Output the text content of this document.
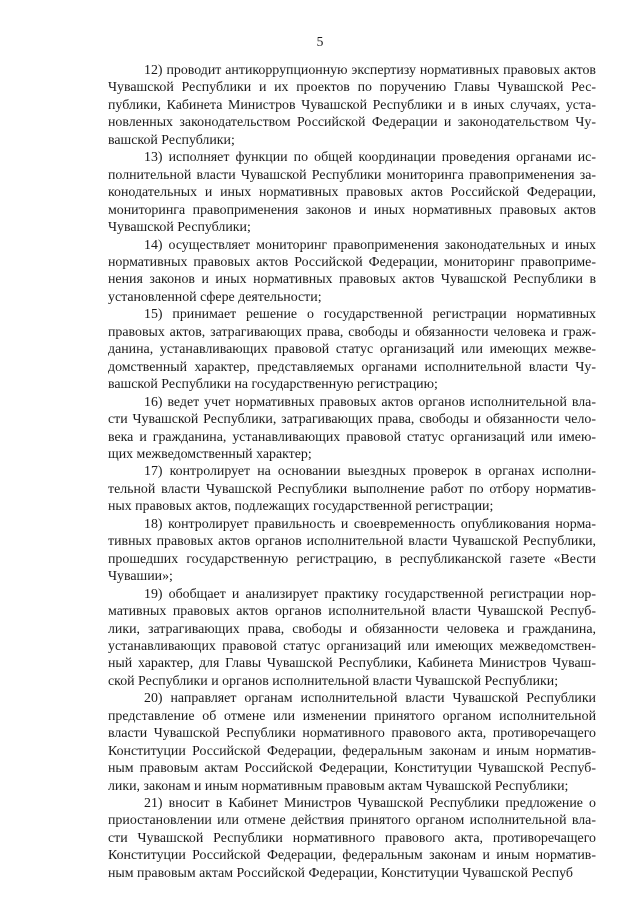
5

12) проводит антикоррупционную экспертизу нормативных правовых актов Чувашской Республики и их проектов по поручению Главы Чувашской Республики, Кабинета Министров Чувашской Республики и в иных случаях, установленных законодательством Российской Федерации и законодательством Чувашской Республики;

13) исполняет функции по общей координации проведения органами исполнительной власти Чувашской Республики мониторинга правоприменения законодательных и иных нормативных правовых актов Российской Федерации, мониторинга правоприменения законов и иных нормативных правовых актов Чувашской Республики;

14) осуществляет мониторинг правоприменения законодательных и иных нормативных правовых актов Российской Федерации, мониторинг правоприменения законов и иных нормативных правовых актов Чувашской Республики в установленной сфере деятельности;

15) принимает решение о государственной регистрации нормативных правовых актов, затрагивающих права, свободы и обязанности человека и гражданина, устанавливающих правовой статус организаций или имеющих межведомственный характер, представляемых органами исполнительной власти Чувашской Республики на государственную регистрацию;

16) ведет учет нормативных правовых актов органов исполнительной власти Чувашской Республики, затрагивающих права, свободы и обязанности человека и гражданина, устанавливающих правовой статус организаций или имеющих межведомственный характер;

17) контролирует на основании выездных проверок в органах исполнительной власти Чувашской Республики выполнение работ по отбору нормативных правовых актов, подлежащих государственной регистрации;

18) контролирует правильность и своевременность опубликования нормативных правовых актов органов исполнительной власти Чувашской Республики, прошедших государственную регистрацию, в республиканской газете «Вести Чувашии»;

19) обобщает и анализирует практику государственной регистрации нормативных правовых актов органов исполнительной власти Чувашской Республики, затрагивающих права, свободы и обязанности человека и гражданина, устанавливающих правовой статус организаций или имеющих межведомственный характер, для Главы Чувашской Республики, Кабинета Министров Чувашской Республики и органов исполнительной власти Чувашской Республики;

20) направляет органам исполнительной власти Чувашской Республики представление об отмене или изменении принятого органом исполнительной власти Чувашской Республики нормативного правового акта, противоречащего Конституции Российской Федерации, федеральным законам и иным нормативным правовым актам Российской Федерации, Конституции Чувашской Республики, законам и иным нормативным правовым актам Чувашской Республики;

21) вносит в Кабинет Министров Чувашской Республики предложение о приостановлении или отмене действия принятого органом исполнительной власти Чувашской Республики нормативного правового акта, противоречащего Конституции Российской Федерации, федеральным законам и иным нормативным правовым актам Российской Федерации, Конституции Чувашской Респуб
